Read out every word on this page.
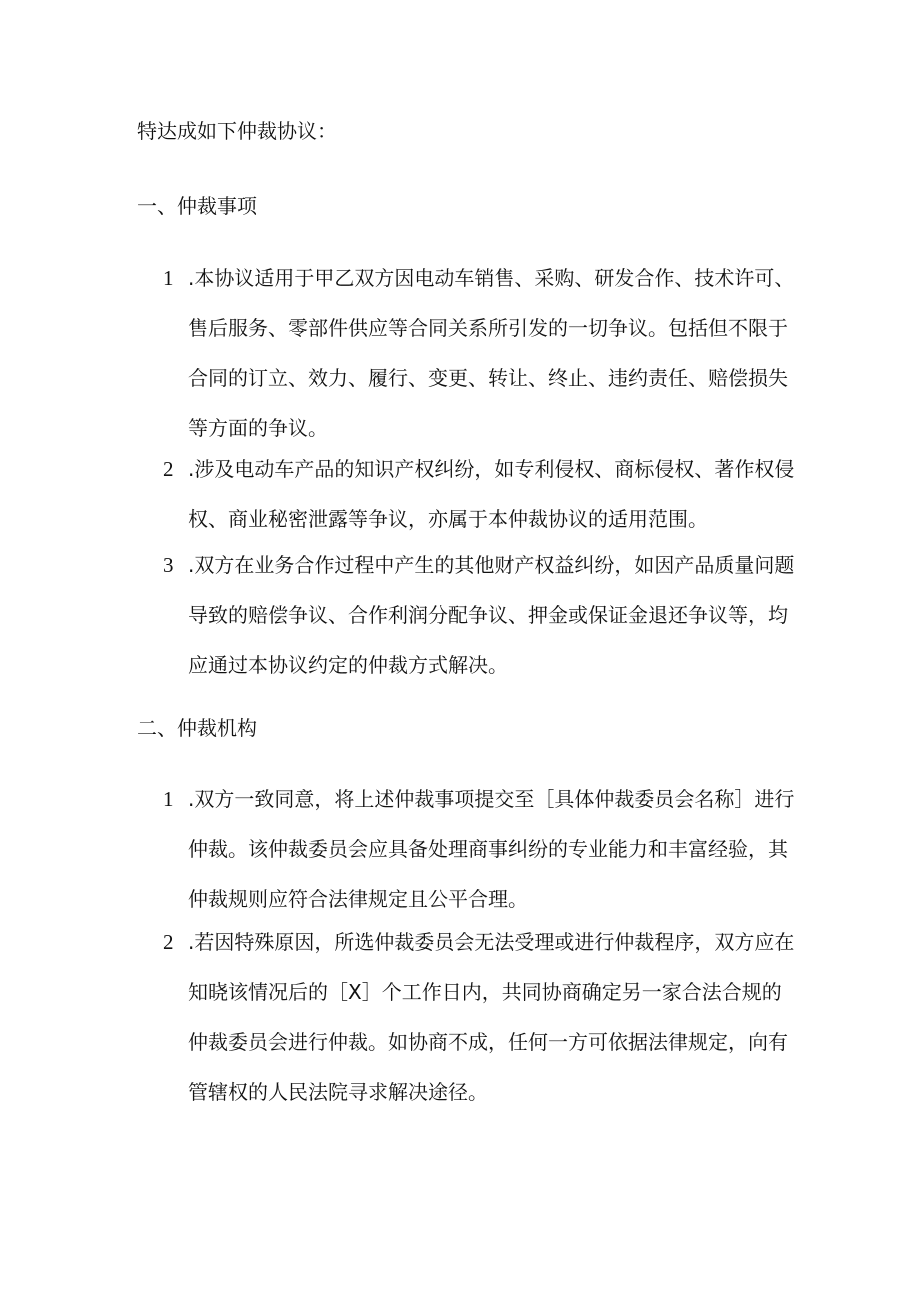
特达成如下仲裁协议：
一、仲裁事项
1 .本协议适用于甲乙双方因电动车销售、采购、研发合作、技术许可、售后服务、零部件供应等合同关系所引发的一切争议。包括但不限于合同的订立、效力、履行、变更、转让、终止、违约责任、赔偿损失等方面的争议。
2 .涉及电动车产品的知识产权纠纷，如专利侵权、商标侵权、著作权侵权、商业秘密泄露等争议，亦属于本仲裁协议的适用范围。
3 .双方在业务合作过程中产生的其他财产权益纠纷，如因产品质量问题导致的赔偿争议、合作利润分配争议、押金或保证金退还争议等，均应通过本协议约定的仲裁方式解决。
二、仲裁机构
1 .双方一致同意，将上述仲裁事项提交至［具体仲裁委员会名称］进行仲裁。该仲裁委员会应具备处理商事纠纷的专业能力和丰富经验，其仲裁规则应符合法律规定且公平合理。
2 .若因特殊原因，所选仲裁委员会无法受理或进行仲裁程序，双方应在知晓该情况后的［X］个工作日内，共同协商确定另一家合法合规的仲裁委员会进行仲裁。如协商不成，任何一方可依据法律规定，向有管辖权的人民法院寻求解决途径。
